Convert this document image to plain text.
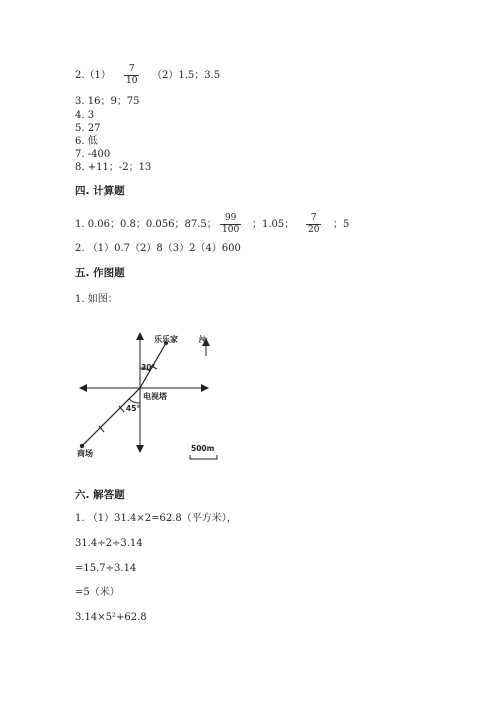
$2.(1) \frac{7}{10} (2)1.5$；3.5
3. 16；9；75
4. 3
5. 27
6. 低
7. -400
8. +11；-2；13
四. 计算题
1. 0.06；0.8；0.056；87.5； $\frac{99}{100}$ ；1.05； $\frac{7}{20}$ ；5
2. （1）0.7（2）8（3）2（4）600
五. 作图题
1. 如图：
乐乐家	北
30°
电视塔
45°
商场
500m
六. 解答题
1. （1）31.4×2=62.8（平方米），
31.4÷2÷3.14
=15.7÷3.14
=5（米）
3.14×5²+62.8
